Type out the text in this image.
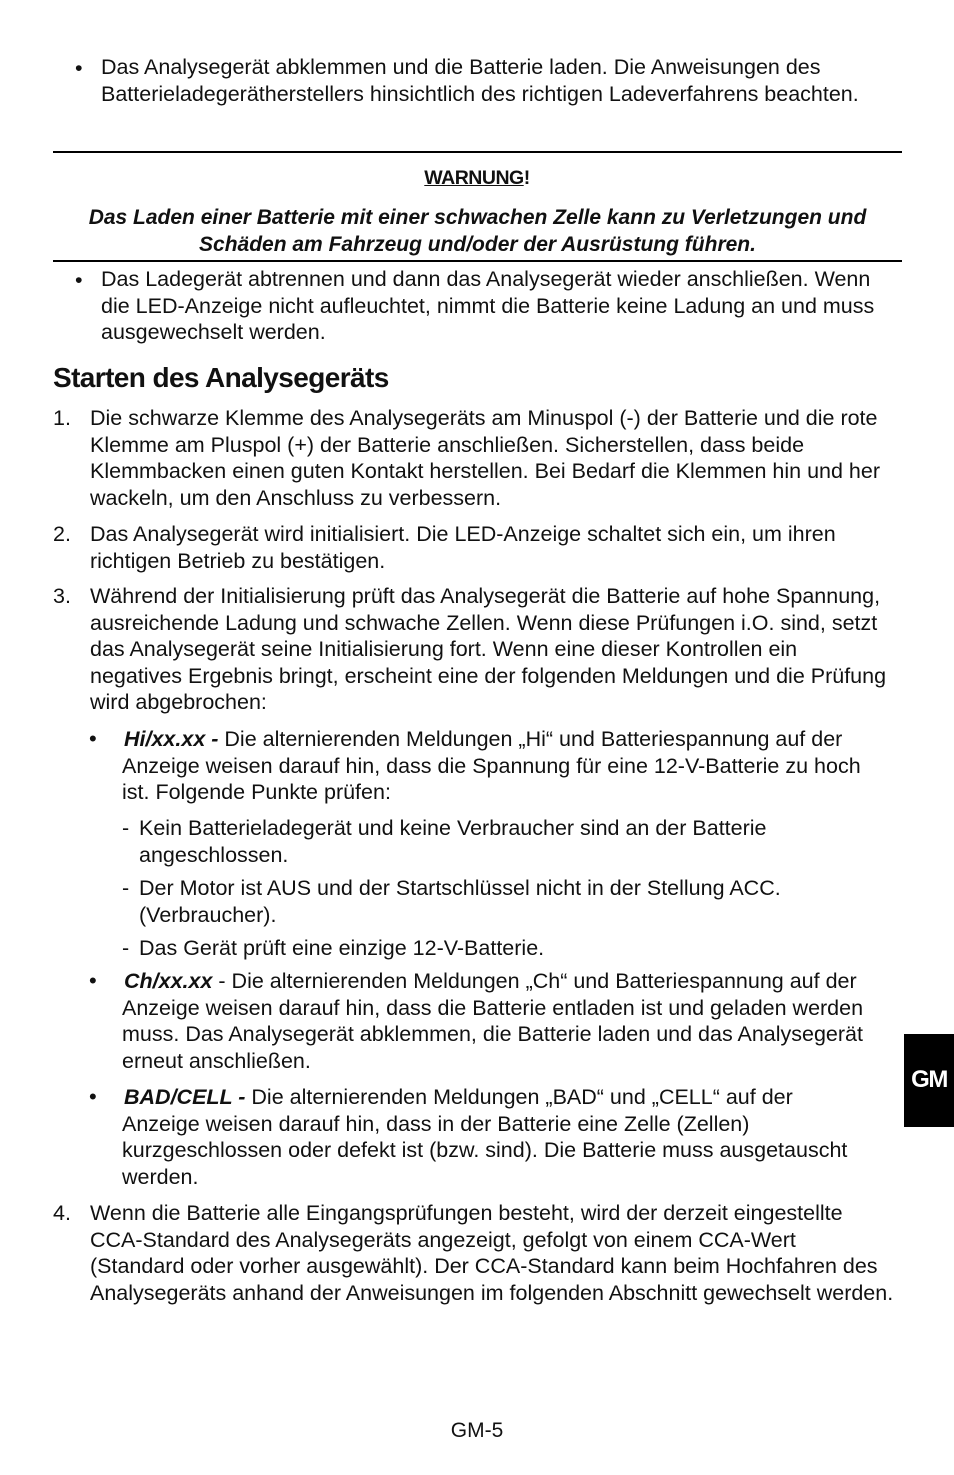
• Das Analysegerät abklemmen und die Batterie laden. Die Anweisungen des Batterieladegerätherstellers hinsichtlich des richtigen Ladeverfahrens beachten.
WARNUNG!
Das Laden einer Batterie mit einer schwachen Zelle kann zu Verletzungen und Schäden am Fahrzeug und/oder der Ausrüstung führen.
• Das Ladegerät abtrennen und dann das Analysegerät wieder anschließen. Wenn die LED-Anzeige nicht aufleuchtet, nimmt die Batterie keine Ladung an und muss ausgewechselt werden.
Starten des Analysegeräts
1. Die schwarze Klemme des Analysegeräts am Minuspol (-) der Batterie und die rote Klemme am Pluspol (+) der Batterie anschließen. Sicherstellen, dass beide Klemmbacken einen guten Kontakt herstellen. Bei Bedarf die Klemmen hin und her wackeln, um den Anschluss zu verbessern.
2. Das Analysegerät wird initialisiert. Die LED-Anzeige schaltet sich ein, um ihren richtigen Betrieb zu bestätigen.
3. Während der Initialisierung prüft das Analysegerät die Batterie auf hohe Spannung, ausreichende Ladung und schwache Zellen. Wenn diese Prüfungen i.O. sind, setzt das Analysegerät seine Initialisierung fort. Wenn eine dieser Kontrollen ein negatives Ergebnis bringt, erscheint eine der folgenden Meldungen und die Prüfung wird abgebrochen:
• Hi/xx.xx - Die alternierenden Meldungen „Hi“ und Batteriespannung auf der Anzeige weisen darauf hin, dass die Spannung für eine 12-V-Batterie zu hoch ist. Folgende Punkte prüfen:
- Kein Batterieladegerät und keine Verbraucher sind an der Batterie angeschlossen.
- Der Motor ist AUS und der Startschlüssel nicht in der Stellung ACC. (Verbraucher).
- Das Gerät prüft eine einzige 12-V-Batterie.
• Ch/xx.xx - Die alternierenden Meldungen „Ch“ und Batteriespannung auf der Anzeige weisen darauf hin, dass die Batterie entladen ist und geladen werden muss. Das Analysegerät abklemmen, die Batterie laden und das Analysegerät erneut anschließen.
• BAD/CELL - Die alternierenden Meldungen „BAD“ und „CELL“ auf der Anzeige weisen darauf hin, dass in der Batterie eine Zelle (Zellen) kurzgeschlossen oder defekt ist (bzw. sind). Die Batterie muss ausgetauscht werden.
4. Wenn die Batterie alle Eingangsprüfungen besteht, wird der derzeit eingestellte CCA-Standard des Analysegeräts angezeigt, gefolgt von einem CCA-Wert (Standard oder vorher ausgewählt). Der CCA-Standard kann beim Hochfahren des Analysegeräts anhand der Anweisungen im folgenden Abschnitt gewechselt werden.
GM
GM-5
